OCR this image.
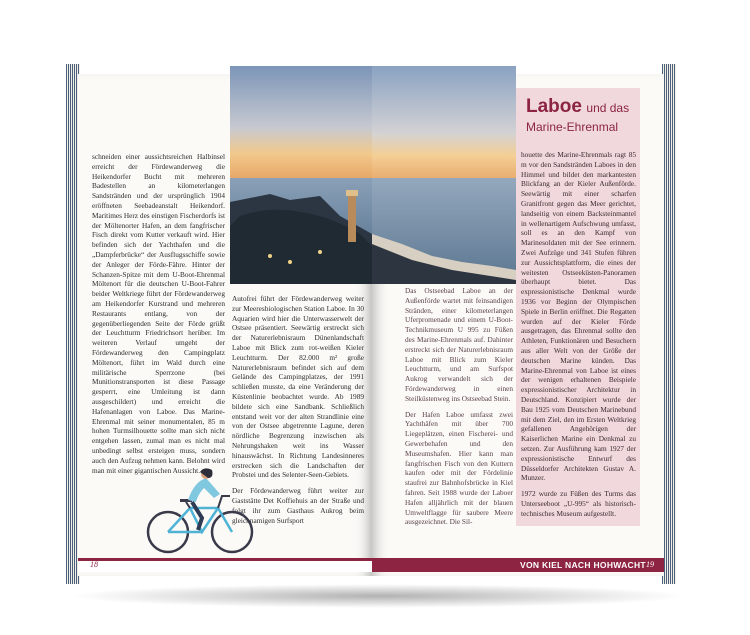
schneiden einer aussichtsreichen Halbinsel erreicht der Fördewanderweg die Heikendorfer Bucht mit mehreren Badestellen an kilometerlangen Sandstränden und der ursprünglich 1904 eröffneten Seebadeanstalt Heikendorf. Maritimes Herz des einstigen Fischerdorfs ist der Möltenorter Hafen, an dem fangfrischer Fisch direkt vom Kutter verkauft wird. Hier befinden sich der Yachthafen und die „Dampferbrücke“ der Ausflugsschiffe sowie der Anleger der Förde-Fähre. Hinter der Schanzen-Spitze mit dem U-Boot-Ehrenmal Möltenort für die deutschen U-Boot-Fahrer beider Weltkriege führt der Fördewanderweg am Heikendorfer Kurstrand und mehreren Restaurants entlang, von der gegenüberliegenden Seite der Förde grüßt der Leuchtturm Friedrichsort herüber. Im weiteren Verlauf umgeht der Fördewanderweg den Campingplatz Möltenort, führt im Wald durch eine militärische Sperrzone (bei Munitionstransporten ist diese Passage gesperrt, eine Umleitung ist dann ausgeschildert) und erreicht die Hafenanlagen von Laboe. Das Marine-Ehrenmal mit seiner monumentalen, 85 m hohen Turmsilhouette sollte man sich nicht entgehen lassen, zumal man es nicht mal unbedingt selbst ersteigen muss, sondern auch den Aufzug nehmen kann. Belohnt wird man mit einer gigantischen Aussicht.

Autofrei führt der Fördewanderweg weiter zur Meeresbiologischen Station Laboe. In 30 Aquarien wird hier die Unterwasserwelt der Ostsee präsentiert. Seewärtig erstreckt sich der Naturerlebnisraum Dünenlandschaft Laboe mit Blick zum rot-weißen Kieler Leuchtturm. Der 82.000 m² große Naturerlebnisraum befindet sich auf dem Gelände des Campingplatzes, der 1991 schließen musste, da eine Veränderung der Küstenlinie beobachtet wurde. Ab 1989 bildete sich eine Sandbank. Schließlich entstand weit vor der alten Strandlinie eine von der Ostsee abgetrennte Lagune, deren nördliche Begrenzung inzwischen als Nehrungshaken weit ins Wasser hinauswächst. In Richtung Landesinneres erstrecken sich die Landschaften der Probstei und des Selenter-Seen-Gebiets.

Der Fördewanderweg führt weiter zur Gaststätte Det Koffiehuis an der Straße und folgt ihr zum Gasthaus Aukrog beim gleichnamigen Surfsport

Das Ostseebad Laboe an der Außenförde wartet mit feinsandigen Stränden, einer kilometerlangen Uferpromenade und einem U-Boot-Technikmuseum U 995 zu Füßen des Marine-Ehrenmals auf. Dahinter erstreckt sich der Naturerlebnisraum Laboe mit Blick zum Kieler Leuchtturm, und am Surfspot Aukrog verwandelt sich der Fördewanderweg in einen Steilküstenweg ins Ostseebad Stein.

Der Hafen Laboe umfasst zwei Yachthäfen mit über 700 Liegeplätzen, einen Fischerei- und Gewerbehafen und den Museumshafen. Hier kann man fangfrischen Fisch von den Kuttern kaufen oder mit der Fördelinie staufrei zur Bahnhofsbrücke in Kiel fahren. Seit 1988 wurde der Laboer Hafen alljährlich mit der blauen Umweltflagge für saubere Meere ausgezeichnet. Die Sil-

Laboe und das
Marine-Ehrenmal

houette des Marine-Ehrenmals ragt 85 m vor den Sandstränden Laboes in den Himmel und bildet den markantesten Blickfang an der Kieler Außenförde. Seewärtig mit einer scharfen Granitfront gegen das Meer gerichtet, landseitig von einem Backsteinmantel in wellenartigem Aufschwung umfasst, soll es an den Kampf von Marinesoldaten mit der See erinnern. Zwei Aufzüge und 341 Stufen führen zur Aussichtsplattform, die eines der weitesten Ostseeküsten-Panoramen überhaupt bietet. Das expressionistische Denkmal wurde 1936 vor Beginn der Olympischen Spiele in Berlin eröffnet. Die Regatten wurden auf der Kieler Förde ausgetragen, das Ehrenmal sollte den Athleten, Funktionären und Besuchern aus aller Welt von der Größe der deutschen Marine künden. Das Marine-Ehrenmal von Laboe ist eines der wenigen erhaltenen Beispiele expressionistischer Architektur in Deutschland. Konzipiert wurde der Bau 1925 vom Deutschen Marinebund mit dem Ziel, den im Ersten Weltkrieg gefallenen Angehörigen der Kaiserlichen Marine ein Denkmal zu setzen. Zur Ausführung kam 1927 der expressionistische Entwurf des Düsseldorfer Architekten Gustav A. Munzer.

1972 wurde zu Füßen des Turms das Unterseeboot „U-995“ als historisch-technisches Museum aufgestellt.

18	VON KIEL NACH HOHWACHT 19
